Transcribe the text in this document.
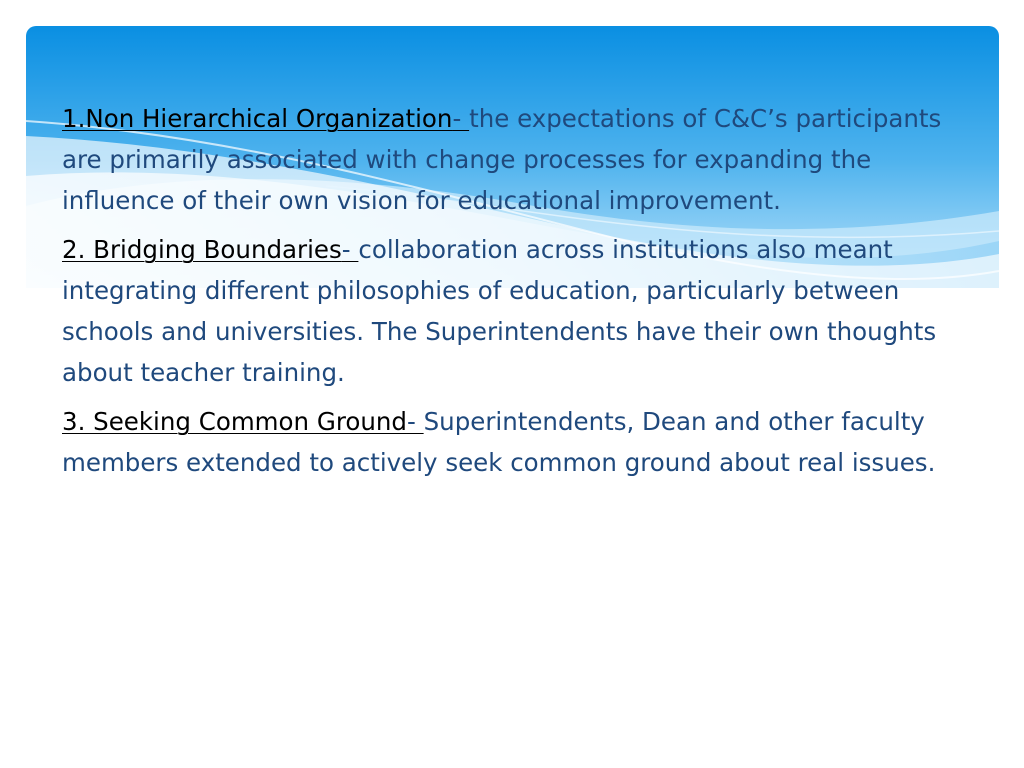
1.Non Hierarchical Organization- the expectations of C&C’s participants are primarily associated with change processes for expanding the influence of their own vision for educational improvement.

2. Bridging Boundaries- collaboration across institutions also meant integrating different philosophies of education, particularly between schools and universities. The Superintendents have their own thoughts about teacher training.

3. Seeking Common Ground- Superintendents, Dean and other faculty members extended to actively seek common ground about real issues.
